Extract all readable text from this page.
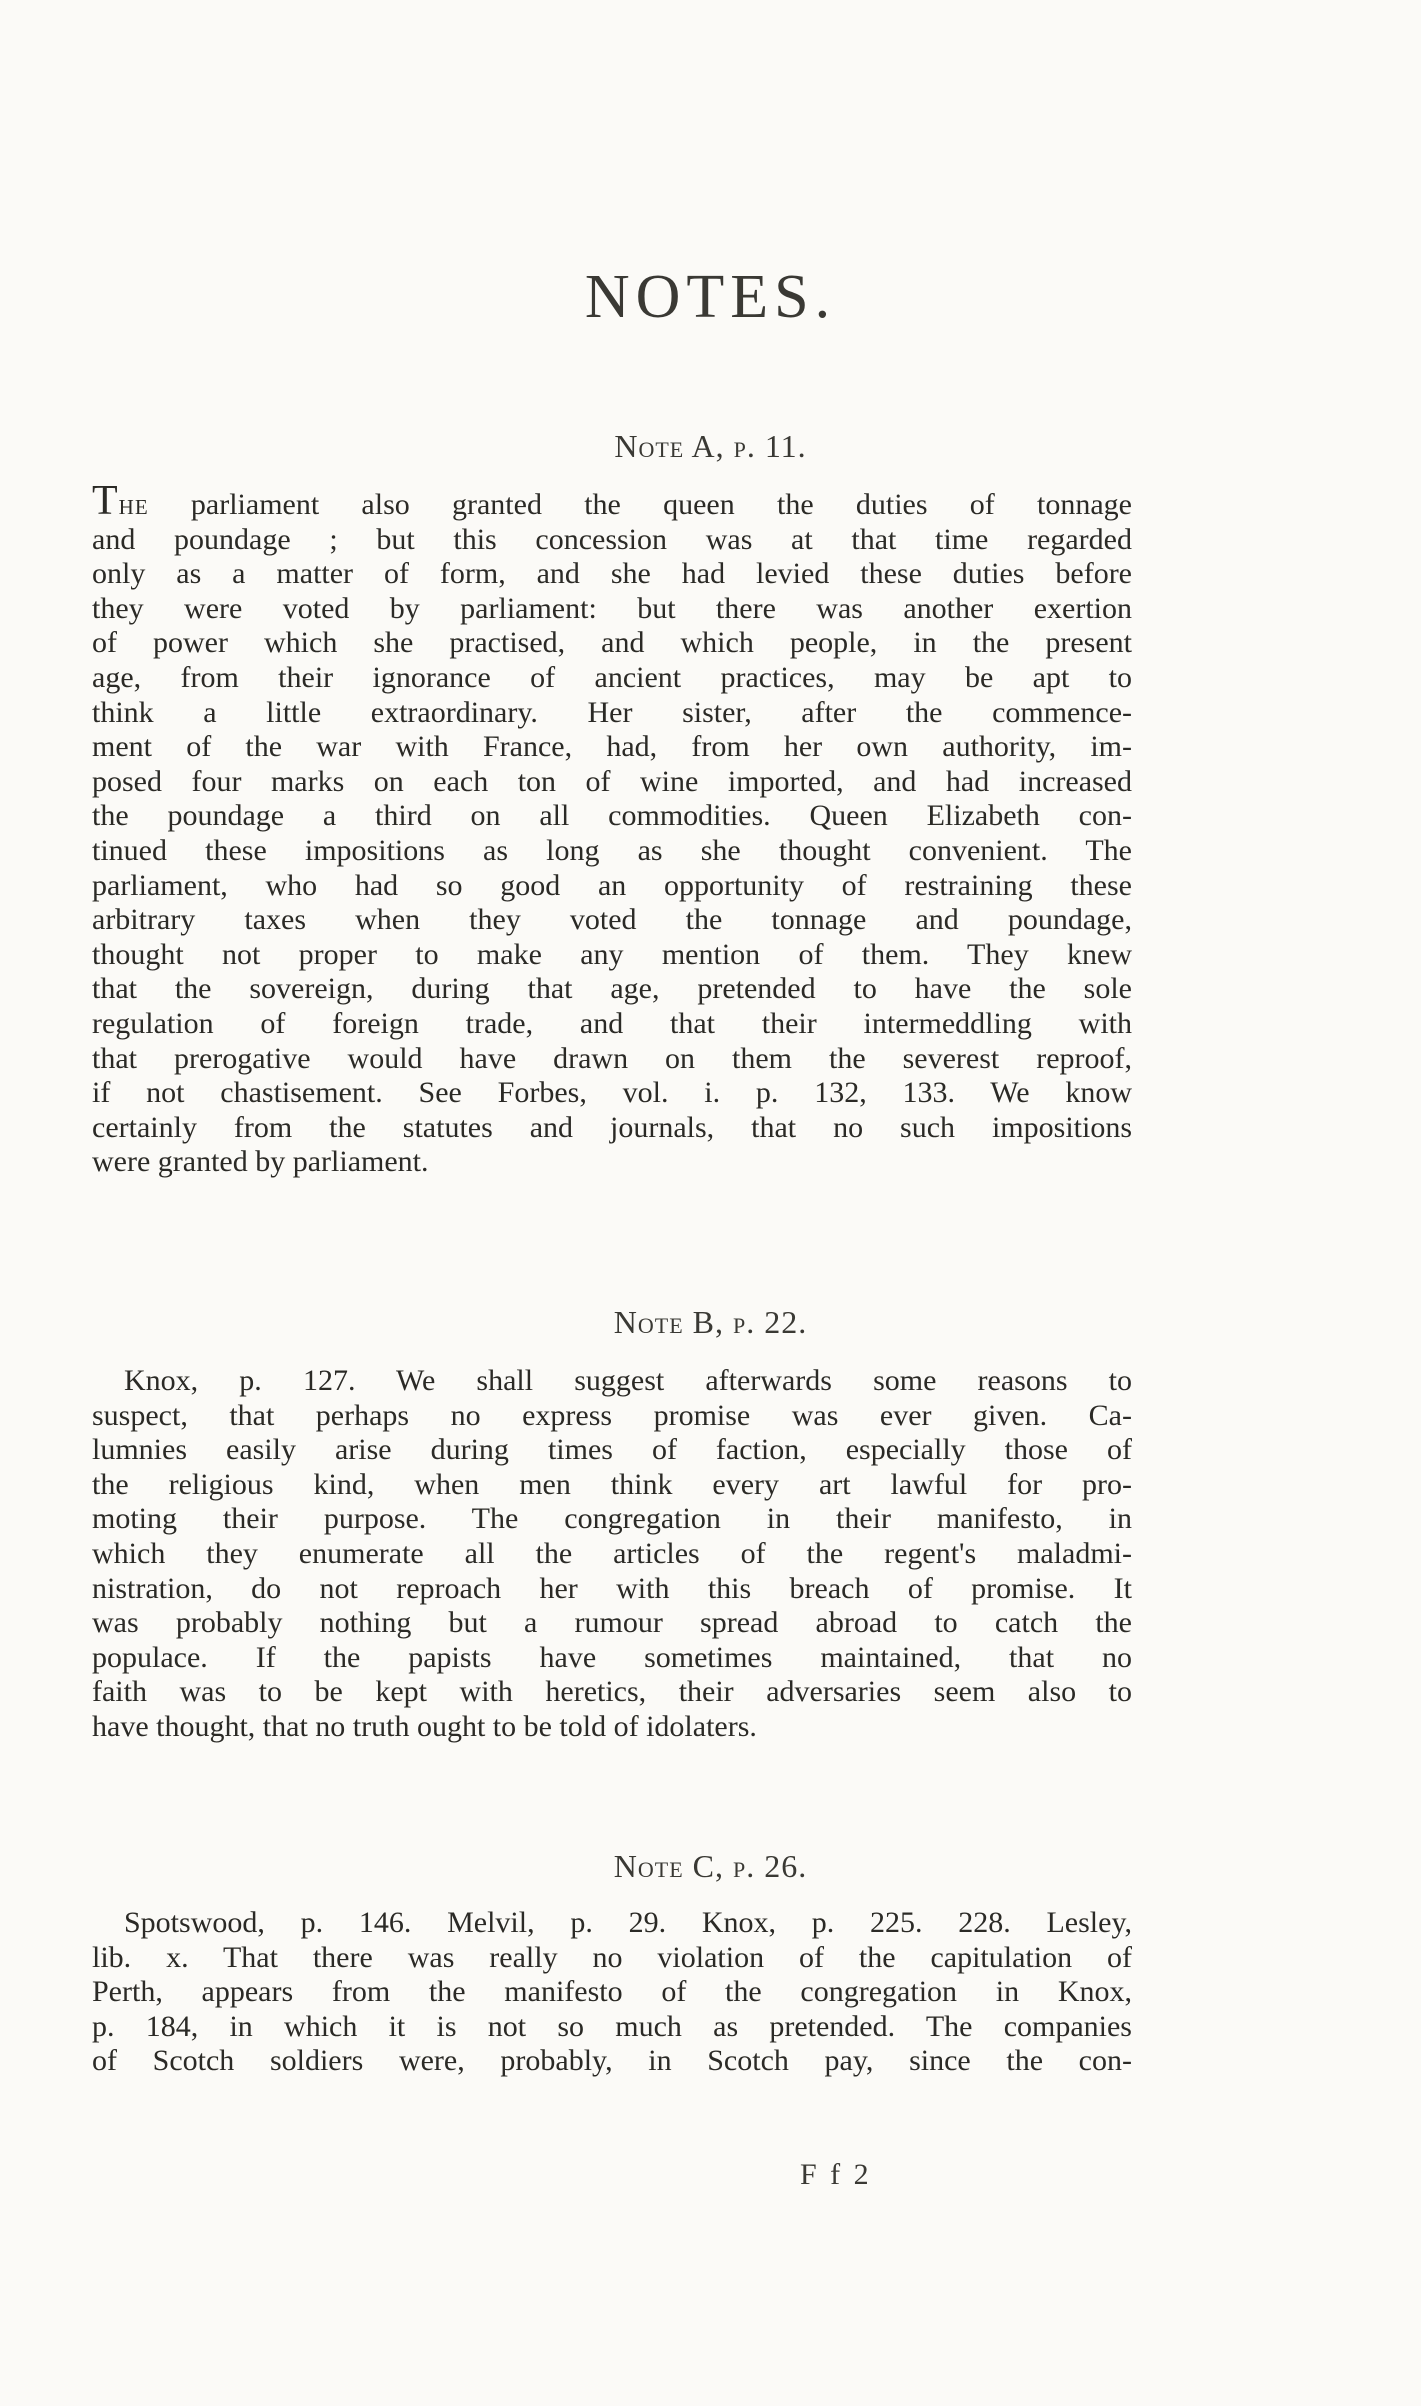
NOTES.
Note A, p. 11.
The parliament also granted the queen the duties of tonnage
and poundage ; but this concession was at that time regarded
only as a matter of form, and she had levied these duties before
they were voted by parliament: but there was another exertion
of power which she practised, and which people, in the present
age, from their ignorance of ancient practices, may be apt to
think a little extraordinary. Her sister, after the commence-
ment of the war with France, had, from her own authority, im-
posed four marks on each ton of wine imported, and had increased
the poundage a third on all commodities. Queen Elizabeth con-
tinued these impositions as long as she thought convenient. The
parliament, who had so good an opportunity of restraining these
arbitrary taxes when they voted the tonnage and poundage,
thought not proper to make any mention of them. They knew
that the sovereign, during that age, pretended to have the sole
regulation of foreign trade, and that their intermeddling with
that prerogative would have drawn on them the severest reproof,
if not chastisement. See Forbes, vol. i. p. 132, 133. We know
certainly from the statutes and journals, that no such impositions
were granted by parliament.
Note B, p. 22.
Knox, p. 127. We shall suggest afterwards some reasons to
suspect, that perhaps no express promise was ever given. Ca-
lumnies easily arise during times of faction, especially those of
the religious kind, when men think every art lawful for pro-
moting their purpose. The congregation in their manifesto, in
which they enumerate all the articles of the regent's maladmi-
nistration, do not reproach her with this breach of promise. It
was probably nothing but a rumour spread abroad to catch the
populace. If the papists have sometimes maintained, that no
faith was to be kept with heretics, their adversaries seem also to
have thought, that no truth ought to be told of idolaters.
Note C, p. 26.
Spotswood, p. 146. Melvil, p. 29. Knox, p. 225. 228. Lesley,
lib. x. That there was really no violation of the capitulation of
Perth, appears from the manifesto of the congregation in Knox,
p. 184, in which it is not so much as pretended. The companies
of Scotch soldiers were, probably, in Scotch pay, since the con-
F f 2
